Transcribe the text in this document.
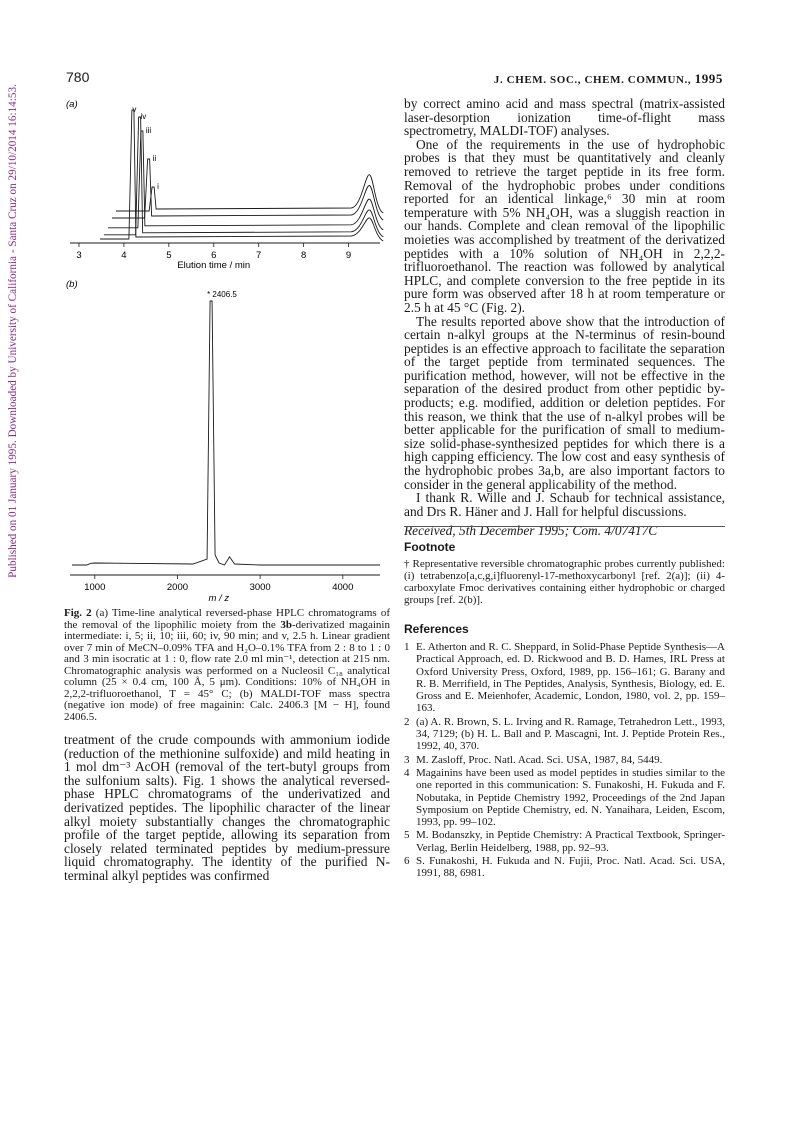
Published on 01 January 1995. Downloaded by University of California - Santa Cruz on 29/10/2014 16:14:53.
780	J. CHEM. SOC., CHEM. COMMUN., 1995
(a)	v
iv
iii
ii
i
3	4	5	6	7	8	9
Elution time / min
(b)
* 2406.5
1000	2000	3000	4000
m / z
Fig. 2 (a) Time-line analytical reversed-phase HPLC chromatograms of the removal of the lipophilic moiety from the 3b-derivatized magainin intermediate: i, 5; ii, 10; iii, 60; iv, 90 min; and v, 2.5 h. Linear gradient over 7 min of MeCN–0.09% TFA and H₂O–0.1% TFA from 2 : 8 to 1 : 0 and 3 min isocratic at 1 : 0, flow rate 2.0 ml min⁻¹, detection at 215 nm. Chromatographic analysis was performed on a Nucleosil C₁₈ analytical column (25 × 0.4 cm, 100 Å, 5 μm). Conditions: 10% of NH₄OH in 2,2,2-trifluoroethanol, T = 45° C; (b) MALDI-TOF mass spectra (negative ion mode) of free magainin: Calc. 2406.3 [M − H], found 2406.5.

treatment of the crude compounds with ammonium iodide (reduction of the methionine sulfoxide) and mild heating in 1 mol dm⁻³ AcOH (removal of the tert-butyl groups from the sulfonium salts). Fig. 1 shows the analytical reversed-phase HPLC chromatograms of the underivatized and derivatized peptides. The lipophilic character of the linear alkyl moiety substantially changes the chromatographic profile of the target peptide, allowing its separation from closely related terminated peptides by medium-pressure liquid chromatography. The identity of the purified N-terminal alkyl peptides was confirmed

by correct amino acid and mass spectral (matrix-assisted laser-desorption ionization time-of-flight mass spectrometry, MALDI-TOF) analyses.

One of the requirements in the use of hydrophobic probes is that they must be quantitatively and cleanly removed to retrieve the target peptide in its free form. Removal of the hydrophobic probes under conditions reported for an identical linkage,⁶ 30 min at room temperature with 5% NH₄OH, was a sluggish reaction in our hands. Complete and clean removal of the lipophilic moieties was accomplished by treatment of the derivatized peptides with a 10% solution of NH₄OH in 2,2,2-trifluoroethanol. The reaction was followed by analytical HPLC, and complete conversion to the free peptide in its pure form was observed after 18 h at room temperature or 2.5 h at 45 °C (Fig. 2).

The results reported above show that the introduction of certain n-alkyl groups at the N-terminus of resin-bound peptides is an effective approach to facilitate the separation of the target peptide from terminated sequences. The purification method, however, will not be effective in the separation of the desired product from other peptidic by-products; e.g. modified, addition or deletion peptides. For this reason, we think that the use of n-alkyl probes will be better applicable for the purification of small to medium-size solid-phase-synthesized peptides for which there is a high capping efficiency. The low cost and easy synthesis of the hydrophobic probes 3a,b, are also important factors to consider in the general applicability of the method.

I thank R. Wille and J. Schaub for technical assistance, and Drs R. Häner and J. Hall for helpful discussions.

Received, 5th December 1995; Com. 4/07417C

Footnote
† Representative reversible chromatographic probes currently published: (i) tetrabenzo[a,c,g,i]fluorenyl-17-methoxycarbonyl [ref. 2(a)]; (ii) 4-carboxylate Fmoc derivatives containing either hydrophobic or charged groups [ref. 2(b)].
References
1 E. Atherton and R. C. Sheppard, in Solid-Phase Peptide Synthesis—A Practical Approach, ed. D. Rickwood and B. D. Hames, IRL Press at Oxford University Press, Oxford, 1989, pp. 156–161; G. Barany and R. B. Merrifield, in The Peptides, Analysis, Synthesis, Biology, ed. E. Gross and E. Meienhofer, Academic, London, 1980, vol. 2, pp. 159–163.
2 (a) A. R. Brown, S. L. Irving and R. Ramage, Tetrahedron Lett., 1993, 34, 7129; (b) H. L. Ball and P. Mascagni, Int. J. Peptide Protein Res., 1992, 40, 370.
3 M. Zasloff, Proc. Natl. Acad. Sci. USA, 1987, 84, 5449.
4 Magainins have been used as model peptides in studies similar to the one reported in this communication: S. Funakoshi, H. Fukuda and F. Nobutaka, in Peptide Chemistry 1992, Proceedings of the 2nd Japan Symposium on Peptide Chemistry, ed. N. Yanaihara, Leiden, Escom, 1993, pp. 99–102.
5 M. Bodanszky, in Peptide Chemistry: A Practical Textbook, Springer-Verlag, Berlin Heidelberg, 1988, pp. 92–93.
6 S. Funakoshi, H. Fukuda and N. Fujii, Proc. Natl. Acad. Sci. USA, 1991, 88, 6981.
